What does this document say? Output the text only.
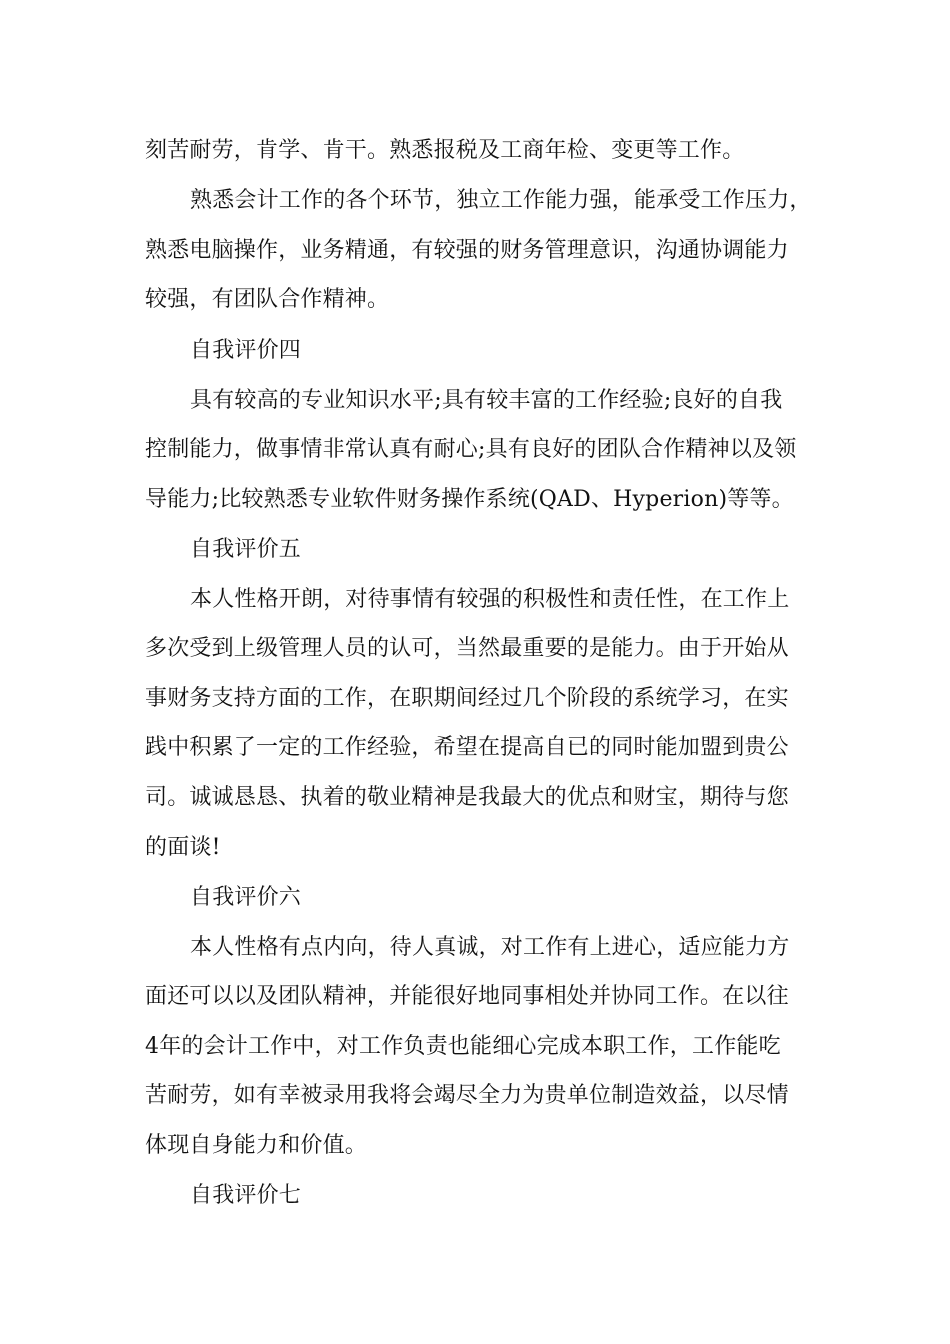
刻苦耐劳，肯学、肯干。熟悉报税及工商年检、变更等工作。
熟悉会计工作的各个环节，独立工作能力强，能承受工作压力，
熟悉电脑操作，业务精通，有较强的财务管理意识，沟通协调能力
较强，有团队合作精神。
自我评价四
具有较高的专业知识水平;具有较丰富的工作经验;良好的自我
控制能力，做事情非常认真有耐心;具有良好的团队合作精神以及领
导能力;比较熟悉专业软件财务操作系统(QAD、Hyperion)等等。
自我评价五
本人性格开朗，对待事情有较强的积极性和责任性，在工作上
多次受到上级管理人员的认可，当然最重要的是能力。由于开始从
事财务支持方面的工作，在职期间经过几个阶段的系统学习，在实
践中积累了一定的工作经验，希望在提高自已的同时能加盟到贵公
司。诚诚恳恳、执着的敬业精神是我最大的优点和财宝，期待与您
的面谈!
自我评价六
本人性格有点内向，待人真诚，对工作有上进心，适应能力方
面还可以以及团队精神，并能很好地同事相处并协同工作。在以往
4年的会计工作中，对工作负责也能细心完成本职工作，工作能吃
苦耐劳，如有幸被录用我将会竭尽全力为贵单位制造效益，以尽情
体现自身能力和价值。
自我评价七
